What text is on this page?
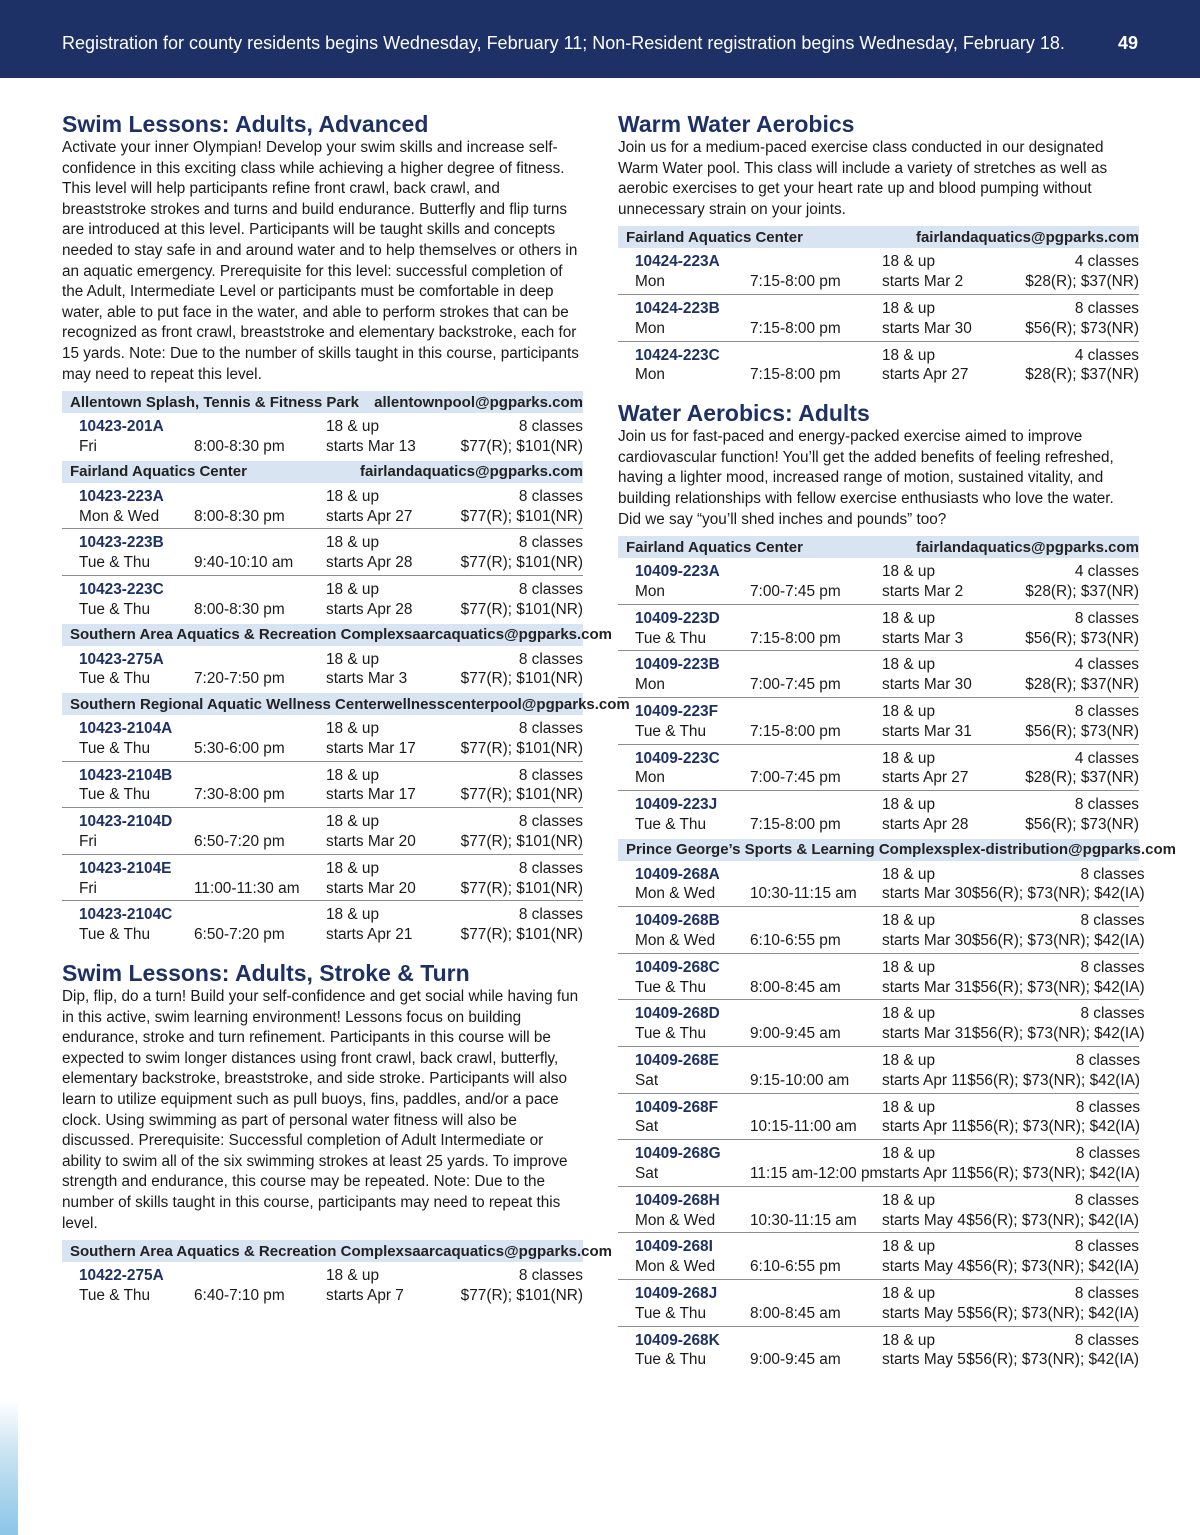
Registration for county residents begins Wednesday, February 11; Non-Resident registration begins Wednesday, February 18.	49
Swim Lessons: Adults, Advanced

Activate your inner Olympian! Develop your swim skills and increase self-confidence in this exciting class while achieving a higher degree of fitness. This level will help participants refine front crawl, back crawl, and breaststroke strokes and turns and build endurance. Butterfly and flip turns are introduced at this level. Participants will be taught skills and concepts needed to stay safe in and around water and to help themselves or others in an aquatic emergency. Prerequisite for this level: successful completion of the Adult, Intermediate Level or participants must be comfortable in deep water, able to put face in the water, and able to perform strokes that can be recognized as front crawl, breaststroke and elementary backstroke, each for 15 yards. Note: Due to the number of skills taught in this course, participants may need to repeat this level.

Allentown Splash, Tennis & Fitness Park allentownpool@pgparks.com
10423-201A	18 & up	8 classes
Fri	8:00-8:30 pm	starts Mar 13	$77(R); $101(NR)
Fairland Aquatics Center	fairlandaquatics@pgparks.com
10423-223A	18 & up	8 classes
Mon & Wed	8:00-8:30 pm	starts Apr 27	$77(R); $101(NR)
10423-223B	18 & up	8 classes
Tue & Thu	9:40-10:10 am	starts Apr 28	$77(R); $101(NR)
10423-223C	18 & up	8 classes
Tue & Thu	8:00-8:30 pm	starts Apr 28	$77(R); $101(NR)
Southern Area Aquatics & Recreation Complex saarcaquatics@pgparks.com
10423-275A	18 & up	8 classes
Tue & Thu	7:20-7:50 pm	starts Mar 3	$77(R); $101(NR)
Southern Regional Aquatic Wellness Center wellnesscenterpool@pgparks.com
10423-2104A	18 & up	8 classes
Tue & Thu	5:30-6:00 pm	starts Mar 17	$77(R); $101(NR)
10423-2104B	18 & up	8 classes
Tue & Thu	7:30-8:00 pm	starts Mar 17	$77(R); $101(NR)
10423-2104D	18 & up	8 classes
Fri	6:50-7:20 pm	starts Mar 20	$77(R); $101(NR)
10423-2104E	18 & up	8 classes
Fri	11:00-11:30 am	starts Mar 20	$77(R); $101(NR)
10423-2104C	18 & up	8 classes
Tue & Thu	6:50-7:20 pm	starts Apr 21	$77(R); $101(NR)
Swim Lessons: Adults, Stroke & Turn

Dip, flip, do a turn! Build your self-confidence and get social while having fun in this active, swim learning environment! Lessons focus on building endurance, stroke and turn refinement. Participants in this course will be expected to swim longer distances using front crawl, back crawl, butterfly, elementary backstroke, breaststroke, and side stroke. Participants will also learn to utilize equipment such as pull buoys, fins, paddles, and/or a pace clock. Using swimming as part of personal water fitness will also be discussed. Prerequisite: Successful completion of Adult Intermediate or ability to swim all of the six swimming strokes at least 25 yards. To improve strength and endurance, this course may be repeated. Note: Due to the number of skills taught in this course, participants may need to repeat this level.

Southern Area Aquatics & Recreation Complex saarcaquatics@pgparks.com
10422-275A	18 & up	8 classes
Tue & Thu	6:40-7:10 pm	starts Apr 7	$77(R); $101(NR)
Warm Water Aerobics

Join us for a medium-paced exercise class conducted in our designated Warm Water pool. This class will include a variety of stretches as well as aerobic exercises to get your heart rate up and blood pumping without unnecessary strain on your joints.

Fairland Aquatics Center	fairlandaquatics@pgparks.com
10424-223A	18 & up	4 classes
Mon	7:15-8:00 pm	starts Mar 2	$28(R); $37(NR)
10424-223B	18 & up	8 classes
Mon	7:15-8:00 pm	starts Mar 30	$56(R); $73(NR)
10424-223C	18 & up	4 classes
Mon	7:15-8:00 pm	starts Apr 27	$28(R); $37(NR)
Water Aerobics: Adults

Join us for fast-paced and energy-packed exercise aimed to improve cardiovascular function! You’ll get the added benefits of feeling refreshed, having a lighter mood, increased range of motion, sustained vitality, and building relationships with fellow exercise enthusiasts who love the water. Did we say “you’ll shed inches and pounds” too?

Fairland Aquatics Center	fairlandaquatics@pgparks.com
10409-223A	18 & up	4 classes
Mon	7:00-7:45 pm	starts Mar 2	$28(R); $37(NR)
10409-223D	18 & up	8 classes
Tue & Thu	7:15-8:00 pm	starts Mar 3	$56(R); $73(NR)
10409-223B	18 & up	4 classes
Mon	7:00-7:45 pm	starts Mar 30	$28(R); $37(NR)
10409-223F	18 & up	8 classes
Tue & Thu	7:15-8:00 pm	starts Mar 31	$56(R); $73(NR)
10409-223C	18 & up	4 classes
Mon	7:00-7:45 pm	starts Apr 27	$28(R); $37(NR)
10409-223J	18 & up	8 classes
Tue & Thu	7:15-8:00 pm	starts Apr 28	$56(R); $73(NR)
Prince George’s Sports & Learning Complex splex-distribution@pgparks.com
10409-268A	18 & up	8 classes
Mon & Wed	10:30-11:15 am	starts Mar 30 $56(R); $73(NR); $42(IA)
10409-268B	18 & up	8 classes
Mon & Wed	6:10-6:55 pm	starts Mar 30 $56(R); $73(NR); $42(IA)
10409-268C	18 & up	8 classes
Tue & Thu	8:00-8:45 am	starts Mar 31 $56(R); $73(NR); $42(IA)
10409-268D	18 & up	8 classes
Tue & Thu	9:00-9:45 am	starts Mar 31 $56(R); $73(NR); $42(IA)
10409-268E	18 & up	8 classes
Sat	9:15-10:00 am	starts Apr 11 $56(R); $73(NR); $42(IA)
10409-268F	18 & up	8 classes
Sat	10:15-11:00 am	starts Apr 11 $56(R); $73(NR); $42(IA)
10409-268G	18 & up	8 classes
Sat	11:15 am-12:00 pm starts Apr 11 $56(R); $73(NR); $42(IA)
10409-268H	18 & up	8 classes
Mon & Wed	10:30-11:15 am	starts May 4 $56(R); $73(NR); $42(IA)
10409-268I	18 & up	8 classes
Mon & Wed	6:10-6:55 pm	starts May 4 $56(R); $73(NR); $42(IA)
10409-268J	18 & up	8 classes
Tue & Thu	8:00-8:45 am	starts May 5 $56(R); $73(NR); $42(IA)
10409-268K	18 & up	8 classes
Tue & Thu	9:00-9:45 am	starts May 5 $56(R); $73(NR); $42(IA)
